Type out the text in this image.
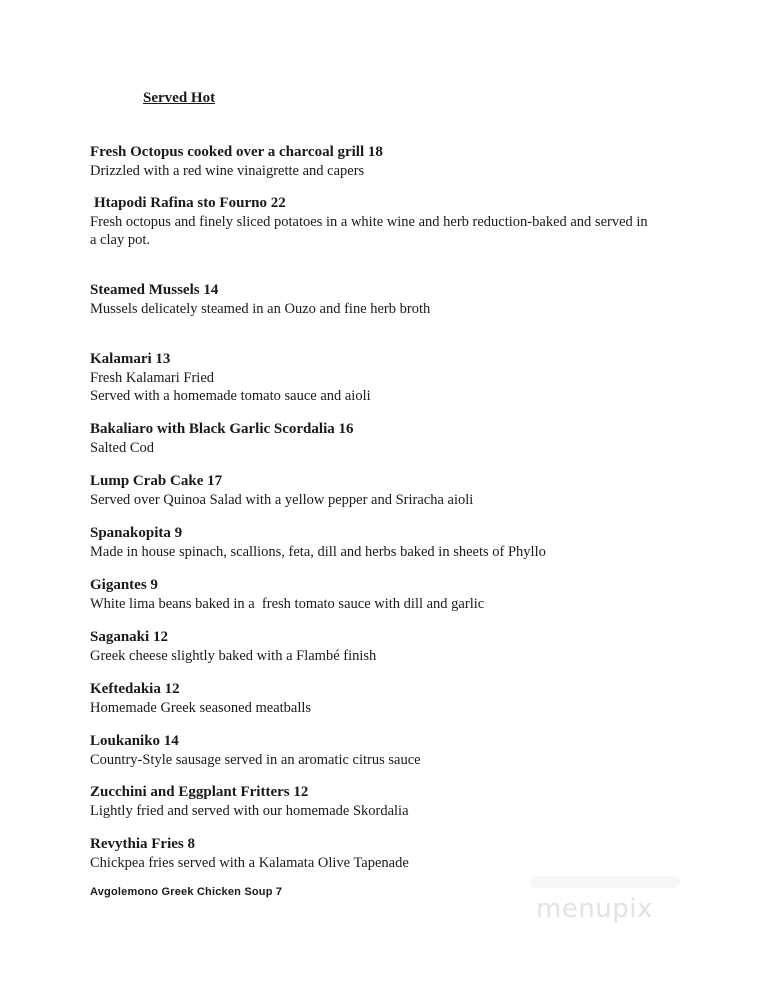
Served Hot
Fresh Octopus cooked over a charcoal grill 18
Drizzled with a red wine vinaigrette and capers
Htapodi Rafina sto Fourno 22
Fresh octopus and finely sliced potatoes in a white wine and herb reduction-baked and served in
a clay pot.
Steamed Mussels 14
Mussels delicately steamed in an Ouzo and fine herb broth
Kalamari 13
Fresh Kalamari Fried
Served with a homemade tomato sauce and aioli
Bakaliaro with Black Garlic Scordalia 16
Salted Cod
Lump Crab Cake 17
Served over Quinoa Salad with a yellow pepper and Sriracha aioli
Spanakopita 9
Made in house spinach, scallions, feta, dill and herbs baked in sheets of Phyllo
Gigantes 9
White lima beans baked in a  fresh tomato sauce with dill and garlic
Saganaki 12
Greek cheese slightly baked with a Flambé finish
Keftedakia 12
Homemade Greek seasoned meatballs
Loukaniko 14
Country-Style sausage served in an aromatic citrus sauce
Zucchini and Eggplant Fritters 12
Lightly fried and served with our homemade Skordalia
Revythia Fries 8
Chickpea fries served with a Kalamata Olive Tapenade
Avgolemono Greek Chicken Soup 7
menupix
